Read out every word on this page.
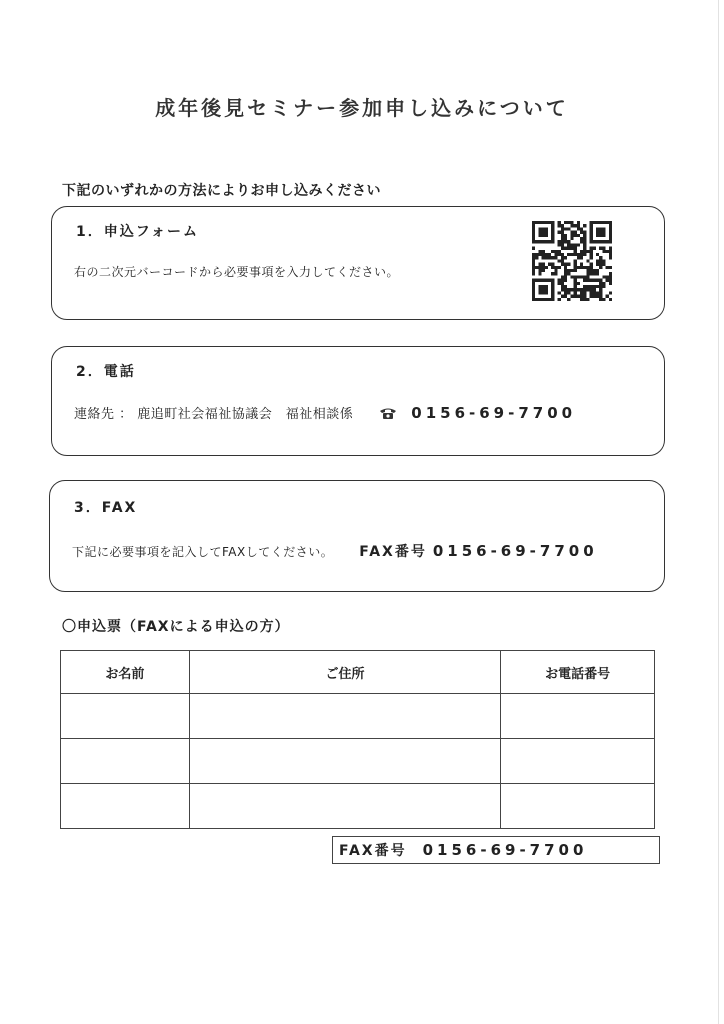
成年後見セミナー参加申し込みについて
下記のいずれかの方法によりお申し込みください
1．申込フォーム
右の二次元バーコードから必要事項を入力してください。
2．電話
連絡先 ： 鹿追町社会福祉協議会　福祉相談係	0156-69-7700
3．FAX
下記に必要事項を記入してFAXしてください。 FAX番号 0156-69-7700
〇申込票（FAXによる申込の方）
お名前	ご住所	お電話番号

FAX番号 0156-69-7700
